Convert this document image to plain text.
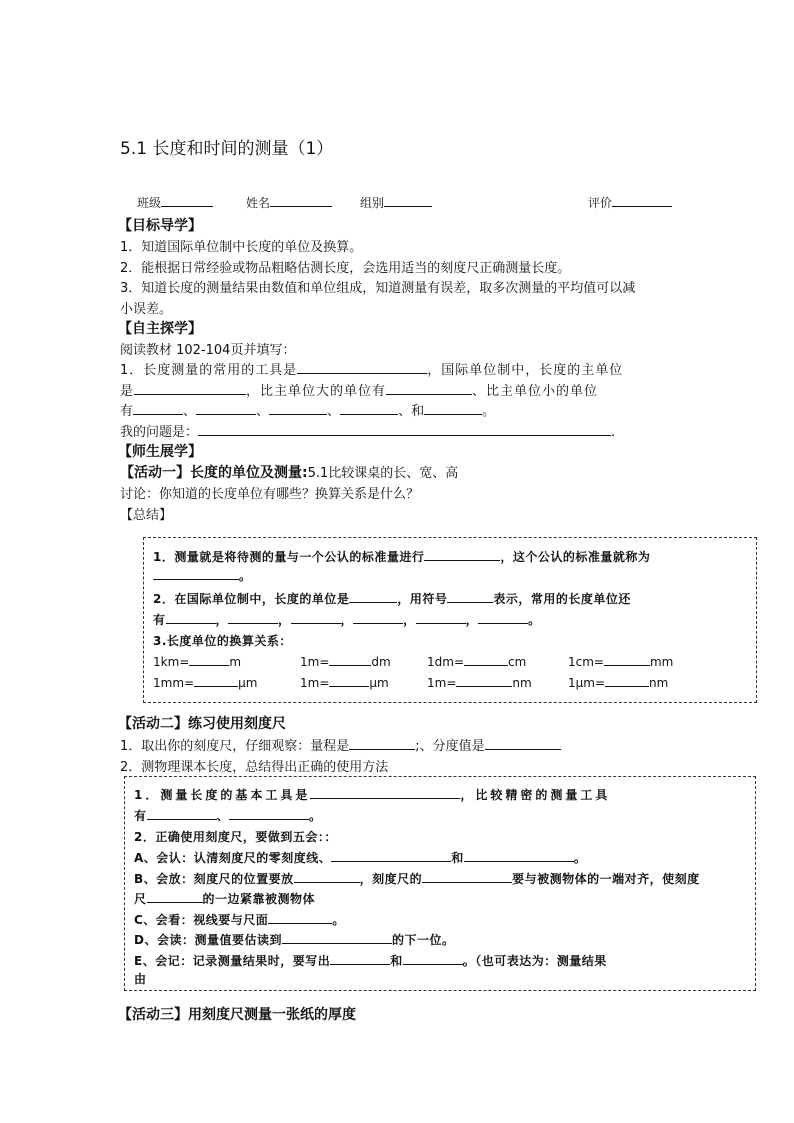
5.1 长度和时间的测量（1）
班级	姓名	组别	评价
【目标导学】
1．知道国际单位制中长度的单位及换算。
2．能根据日常经验或物品粗略估测长度，会选用适当的刻度尺正确测量长度。
3．知道长度的测量结果由数值和单位组成，知道测量有误差，取多次测量的平均值可以减
小误差。
【自主探学】
阅读教材 102-104页并填写：
1．长度测量的常用的工具是	，国际单位制中，长度的主单位
是	，比主单位大的单位有	、比主单位小的单位
有	、	、	、	、和	。
我的问题是：	.
【师生展学】
【活动一】长度的单位及测量:5.1比较课桌的长、宽、高
讨论：你知道的长度单位有哪些？换算关系是什么？
【总结】
1．测量就是将待测的量与一个公认的标准量进行	，这个公认的标准量就称为
。
2．在国际单位制中，长度的单位是	，用符号	表示，常用的长度单位还
有	，	，	，	，	，	。
3.长度单位的换算关系：
1km=	m	1m=	dm	1dm=	cm	1cm=	mm
1mm=	μm	1m=	μm	1m=	nm	1μm=	nm
【活动二】练习使用刻度尺
1．取出你的刻度尺，仔细观察：量程是	;、分度值是
2．测物理课本长度，总结得出正确的使用方法
1．测量长度的基本工具是	，比较精密的测量工具
有	、	。
2．正确使用刻度尺，要做到五会：：
A、会认：认清刻度尺的零刻度线、	和	。
B、会放：刻度尺的位置要放	，刻度尺的	要与被测物体的一端对齐，使刻度
尺	的一边紧靠被测物体
C、会看：视线要与尺面	。
D、会读：测量值要估读到	的下一位。
E、会记：记录测量结果时，要写出	和	。（也可表达为：测量结果
由
【活动三】用刻度尺测量一张纸的厚度
